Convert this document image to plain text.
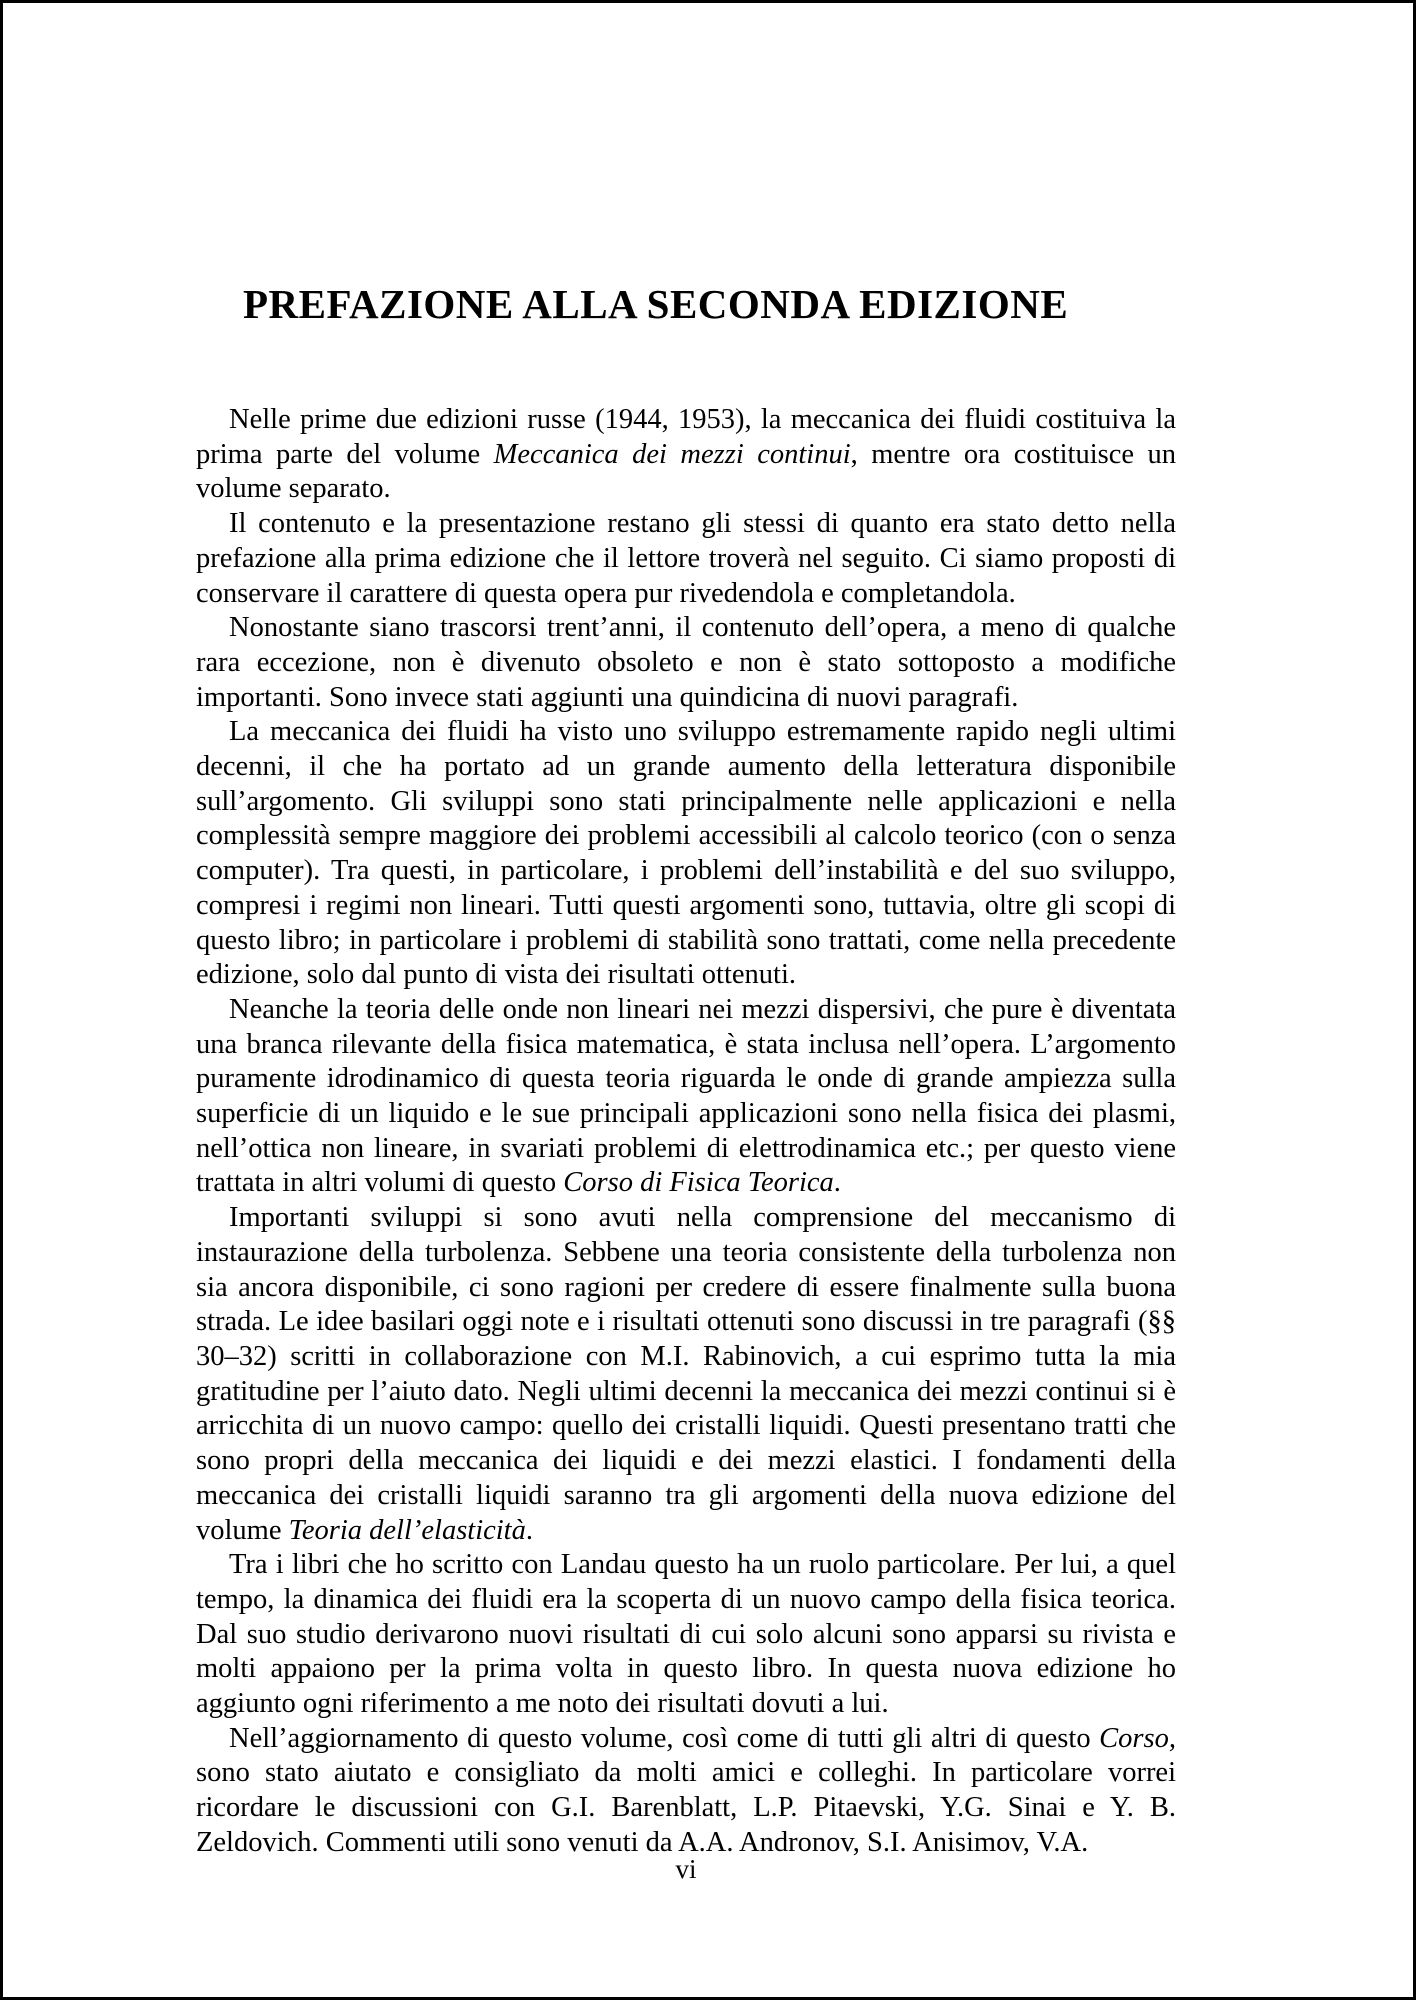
PREFAZIONE ALLA SECONDA EDIZIONE

Nelle prime due edizioni russe (1944, 1953), la meccanica dei fluidi costituiva la prima parte del volume Meccanica dei mezzi continui, mentre ora costituisce un volume separato.

Il contenuto e la presentazione restano gli stessi di quanto era stato detto nella prefazione alla prima edizione che il lettore troverà nel seguito. Ci siamo proposti di conservare il carattere di questa opera pur rivedendola e completandola.

Nonostante siano trascorsi trent’anni, il contenuto dell’opera, a meno di qualche rara eccezione, non è divenuto obsoleto e non è stato sottoposto a modifiche importanti. Sono invece stati aggiunti una quindicina di nuovi paragrafi.

La meccanica dei fluidi ha visto uno sviluppo estremamente rapido negli ultimi decenni, il che ha portato ad un grande aumento della letteratura disponibile sull’argomento. Gli sviluppi sono stati principalmente nelle applicazioni e nella complessità sempre maggiore dei problemi accessibili al calcolo teorico (con o senza computer). Tra questi, in particolare, i problemi dell’instabilità e del suo sviluppo, compresi i regimi non lineari. Tutti questi argomenti sono, tuttavia, oltre gli scopi di questo libro; in particolare i problemi di stabilità sono trattati, come nella precedente edizione, solo dal punto di vista dei risultati ottenuti.

Neanche la teoria delle onde non lineari nei mezzi dispersivi, che pure è diventata una branca rilevante della fisica matematica, è stata inclusa nell’opera. L’argomento puramente idrodinamico di questa teoria riguarda le onde di grande ampiezza sulla superficie di un liquido e le sue principali applicazioni sono nella fisica dei plasmi, nell’ottica non lineare, in svariati problemi di elettrodinamica etc.; per questo viene trattata in altri volumi di questo Corso di Fisica Teorica.

Importanti sviluppi si sono avuti nella comprensione del meccanismo di instaurazione della turbolenza. Sebbene una teoria consistente della turbolenza non sia ancora disponibile, ci sono ragioni per credere di essere finalmente sulla buona strada. Le idee basilari oggi note e i risultati ottenuti sono discussi in tre paragrafi (§§ 30–32) scritti in collaborazione con M.I. Rabinovich, a cui esprimo tutta la mia gratitudine per l’aiuto dato. Negli ultimi decenni la meccanica dei mezzi continui si è arricchita di un nuovo campo: quello dei cristalli liquidi. Questi presentano tratti che sono propri della meccanica dei liquidi e dei mezzi elastici. I fondamenti della meccanica dei cristalli liquidi saranno tra gli argomenti della nuova edizione del volume Teoria dell’elasticità.

Tra i libri che ho scritto con Landau questo ha un ruolo particolare. Per lui, a quel tempo, la dinamica dei fluidi era la scoperta di un nuovo campo della fisica teorica. Dal suo studio derivarono nuovi risultati di cui solo alcuni sono apparsi su rivista e molti appaiono per la prima volta in questo libro. In questa nuova edizione ho aggiunto ogni riferimento a me noto dei risultati dovuti a lui.

Nell’aggiornamento di questo volume, così come di tutti gli altri di questo Corso, sono stato aiutato e consigliato da molti amici e colleghi. In particolare vorrei ricordare le discussioni con G.I. Barenblatt, L.P. Pitaevski, Y.G. Sinai e Y. B. Zeldovich. Commenti utili sono venuti da A.A. Andronov, S.I. Anisimov, V.A.

vi
